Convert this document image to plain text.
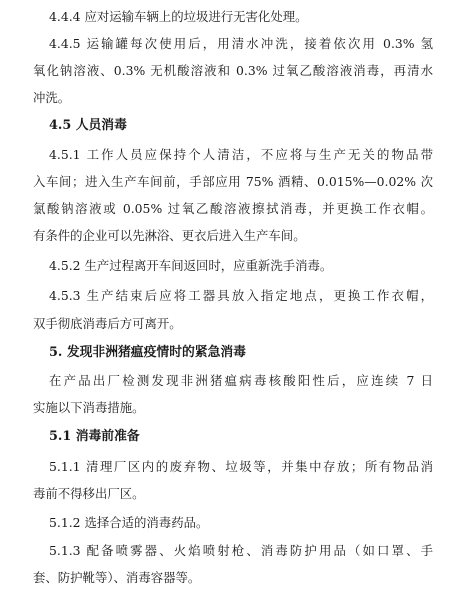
4.4.4 应对运输车辆上的垃圾进行无害化处理。
4.4.5 运输罐每次使用后，用清水冲洗，接着依次用 0.3% 氢
氧化钠溶液、0.3% 无机酸溶液和 0.3% 过氧乙酸溶液消毒，再清水
冲洗。
4.5 人员消毒
4.5.1 工作人员应保持个人清洁，不应将与生产无关的物品带
入车间；进入生产车间前，手部应用 75% 酒精、0.015%—0.02% 次
氯酸钠溶液或 0.05% 过氧乙酸溶液擦拭消毒，并更换工作衣帽。
有条件的企业可以先淋浴、更衣后进入生产车间。
4.5.2 生产过程离开车间返回时，应重新洗手消毒。
4.5.3 生产结束后应将工器具放入指定地点，更换工作衣帽，
双手彻底消毒后方可离开。
5. 发现非洲猪瘟疫情时的紧急消毒
在产品出厂检测发现非洲猪瘟病毒核酸阳性后，应连续 7 日
实施以下消毒措施。
5.1 消毒前准备
5.1.1 清理厂区内的废弃物、垃圾等，并集中存放；所有物品消
毒前不得移出厂区。
5.1.2 选择合适的消毒药品。
5.1.3 配备喷雾器、火焰喷射枪、消毒防护用品（如口罩、手
套、防护靴等）、消毒容器等。
